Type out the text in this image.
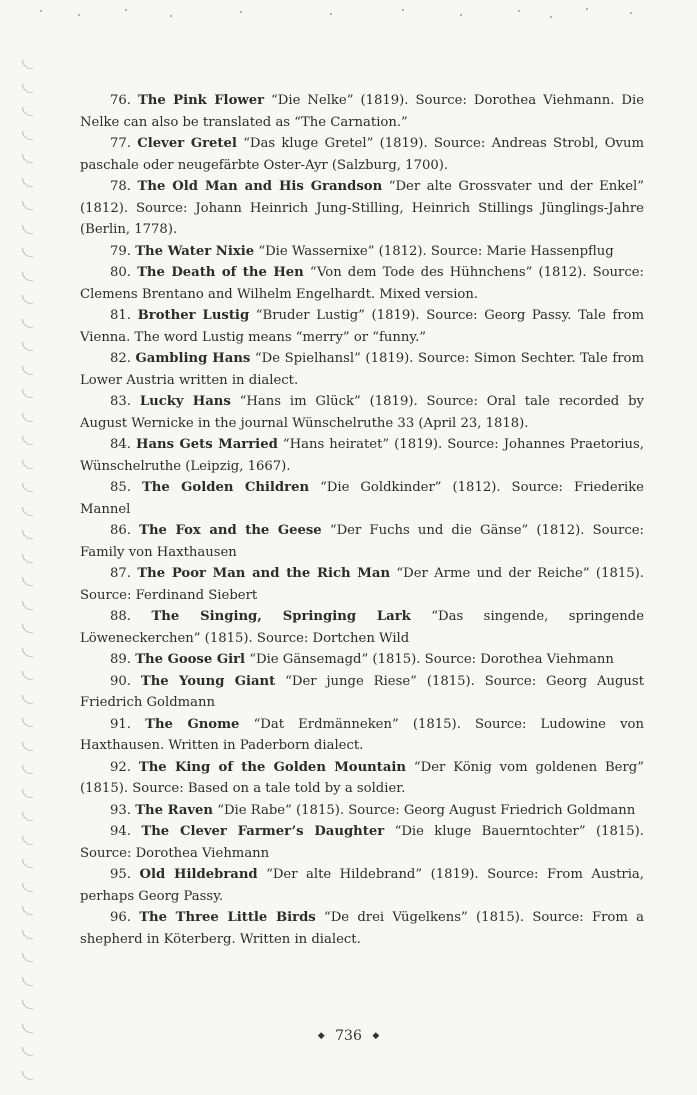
76. The Pink Flower “Die Nelke” (1819). Source: Dorothea Viehmann. Die Nelke can also be translated as “The Carnation.”

77. Clever Gretel “Das kluge Gretel” (1819). Source: Andreas Strobl, Ovum paschale oder neugefärbte Oster-Ayr (Salzburg, 1700).

78. The Old Man and His Grandson “Der alte Grossvater und der Enkel” (1812). Source: Johann Heinrich Jung-Stilling, Heinrich Stillings Jünglings-Jahre (Berlin, 1778).

79. The Water Nixie “Die Wassernixe” (1812). Source: Marie Hassenpflug

80. The Death of the Hen “Von dem Tode des Hühnchens” (1812). Source: Clemens Brentano and Wilhelm Engelhardt. Mixed version.

81. Brother Lustig “Bruder Lustig” (1819). Source: Georg Passy. Tale from Vienna. The word Lustig means “merry” or “funny.”

82. Gambling Hans “De Spielhansl” (1819). Source: Simon Sechter. Tale from Lower Austria written in dialect.

83. Lucky Hans “Hans im Glück” (1819). Source: Oral tale recorded by August Wernicke in the journal Wünschelruthe 33 (April 23, 1818).

84. Hans Gets Married “Hans heiratet” (1819). Source: Johannes Praetorius, Wünschelruthe (Leipzig, 1667).

85. The Golden Children “Die Goldkinder” (1812). Source: Friederike Mannel

86. The Fox and the Geese “Der Fuchs und die Gänse” (1812). Source: Family von Haxthausen

87. The Poor Man and the Rich Man “Der Arme und der Reiche” (1815). Source: Ferdinand Siebert

88. The Singing, Springing Lark “Das singende, springende Löweneckerchen” (1815). Source: Dortchen Wild

89. The Goose Girl “Die Gänsemagd” (1815). Source: Dorothea Viehmann

90. The Young Giant “Der junge Riese” (1815). Source: Georg August Friedrich Goldmann

91. The Gnome “Dat Erdmänneken” (1815). Source: Ludowine von Haxthausen. Written in Paderborn dialect.

92. The King of the Golden Mountain “Der König vom goldenen Berg” (1815). Source: Based on a tale told by a soldier.

93. The Raven “Die Rabe” (1815). Source: Georg August Friedrich Goldmann

94. The Clever Farmer’s Daughter “Die kluge Bauerntochter” (1815). Source: Dorothea Viehmann

95. Old Hildebrand “Der alte Hildebrand” (1819). Source: From Austria, perhaps Georg Passy.

96. The Three Little Birds “De drei Vügelkens” (1815). Source: From a shepherd in Köterberg. Written in dialect.

◆ 736 ◆
